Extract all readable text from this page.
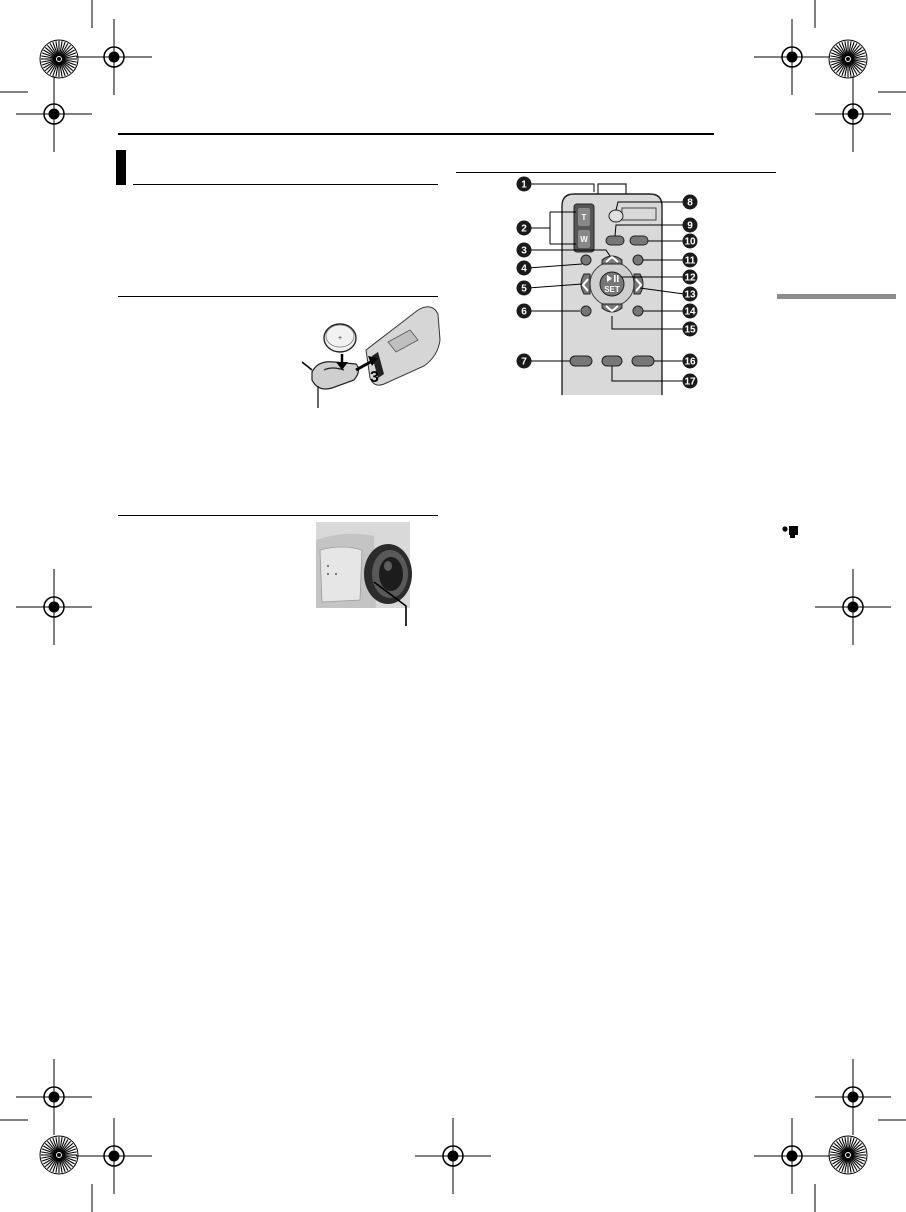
+
3
T
W
SET
1
2
3
4
5
6
7
8
9
10
11
12
13
14
15
16
17
